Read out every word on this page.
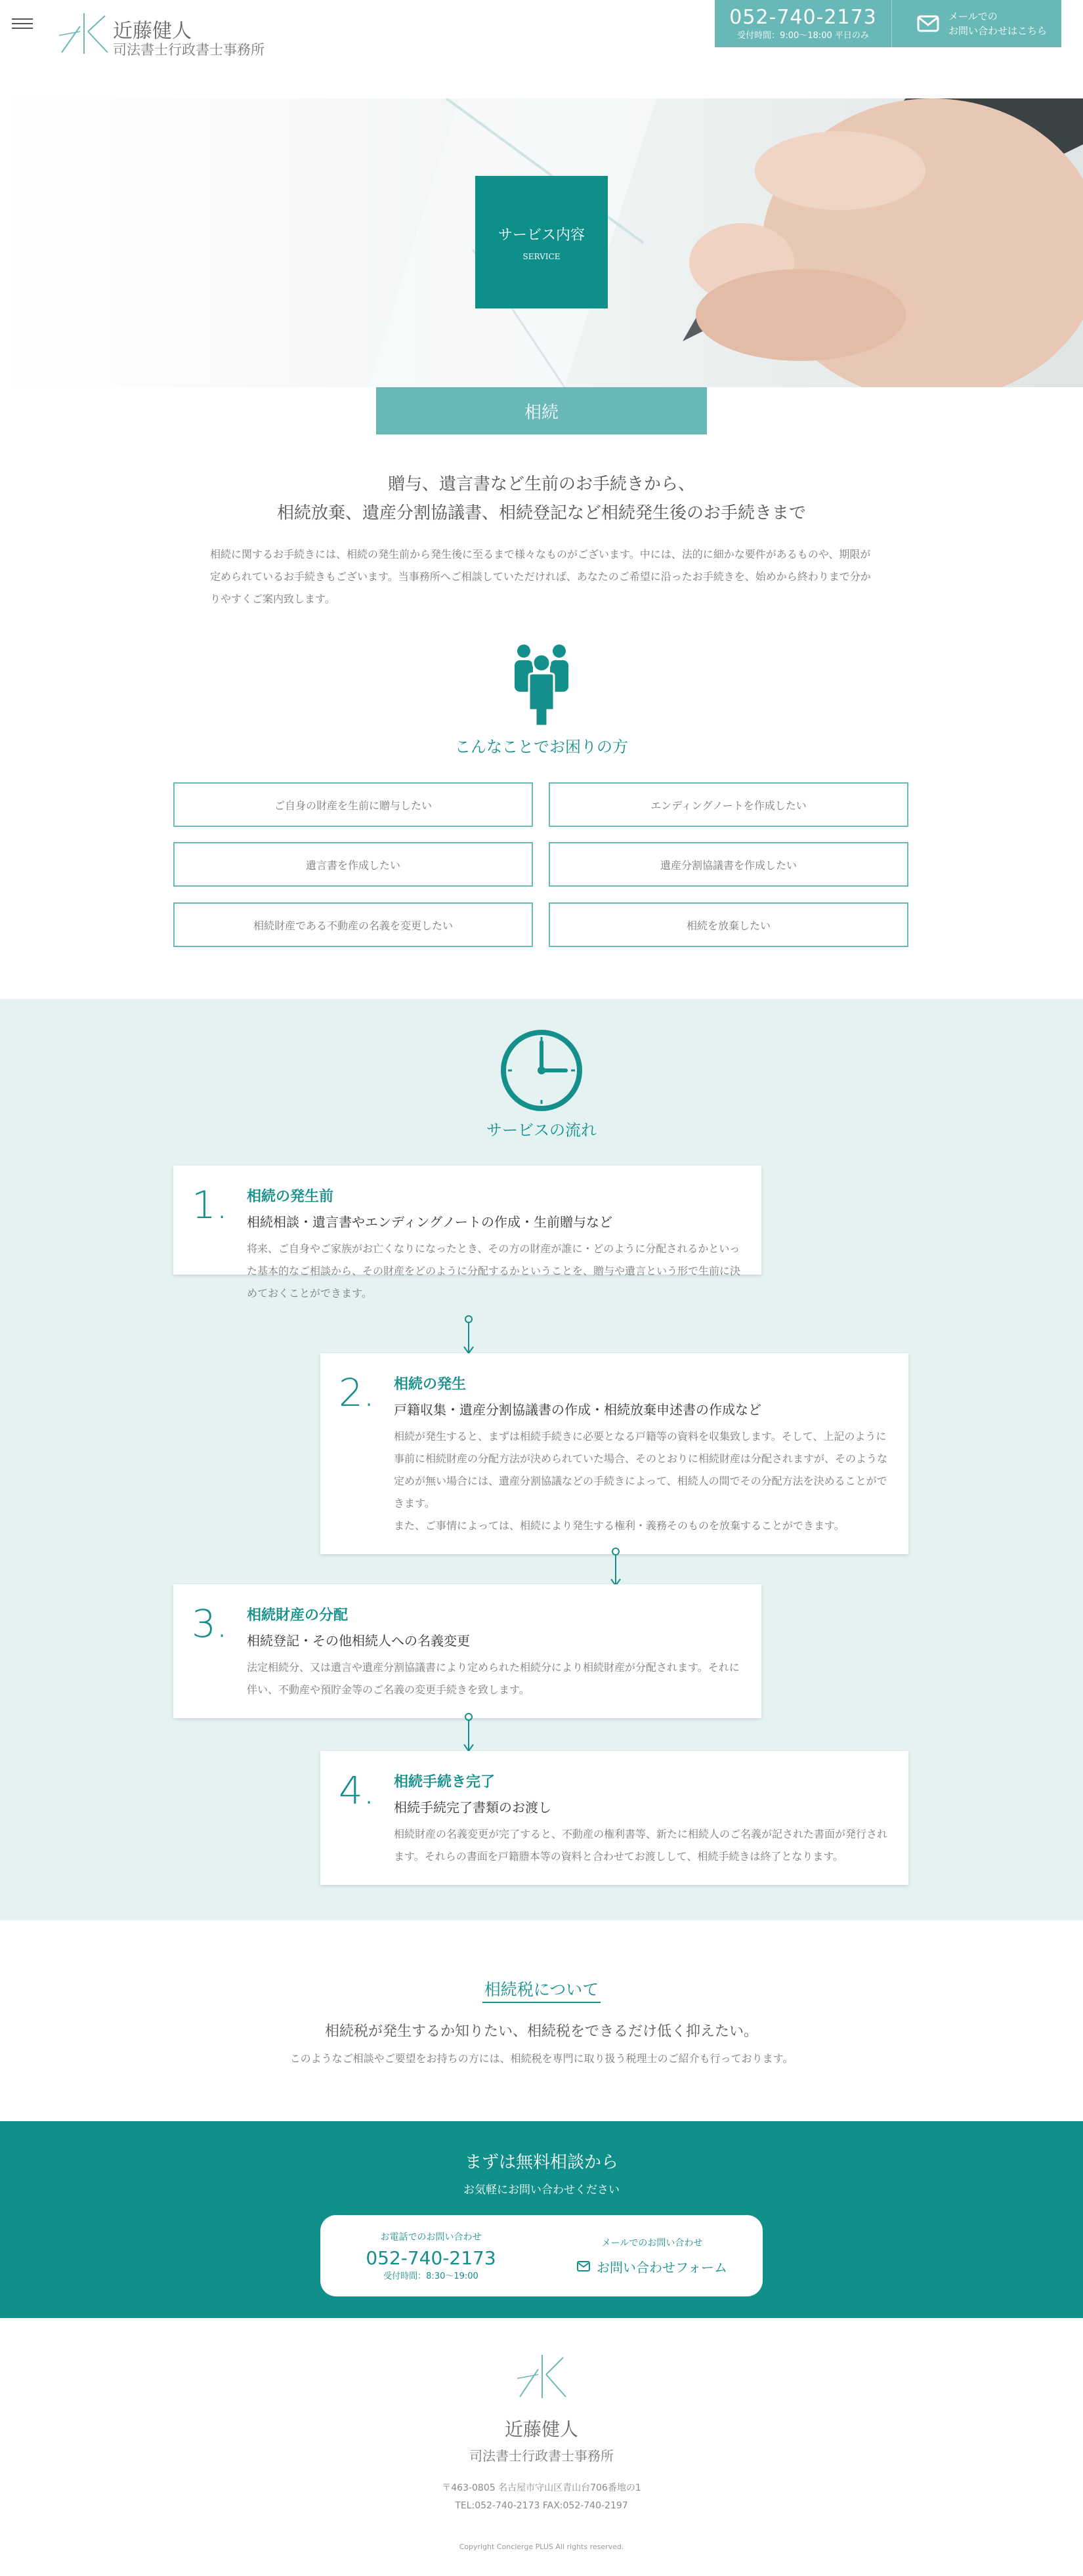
近藤健人
司法書士行政書士事務所
052-740-2173
受付時間：9:00～18:00 平日のみ
メールでの
お問い合わせはこちら
サービス内容
SERVICE
相続
贈与、遺言書など生前のお手続きから、
相続放棄、遺産分割協議書、相続登記など相続発生後のお手続きまで
相続に関するお手続きには、相続の発生前から発生後に至るまで様々なものがございます。中には、法的に細かな要件があるものや、期限が定められているお手続きもございます。当事務所へご相談していただければ、あなたのご希望に沿ったお手続きを、始めから終わりまで分かりやすくご案内致します。
こんなことでお困りの方
ご自身の財産を生前に贈与したい	エンディングノートを作成したい
遺言書を作成したい	遺産分割協議書を作成したい
相続財産である不動産の名義を変更したい	相続を放棄したい
サービスの流れ
1. 相続の発生前
相続相談・遺言書やエンディングノートの作成・生前贈与など
将来、ご自身やご家族がお亡くなりになったとき、その方の財産が誰に・どのように分配されるかといった基本的なご相談から、その財産をどのように分配するかということを、贈与や遺言という形で生前に決めておくことができます。
2. 相続の発生
戸籍収集・遺産分割協議書の作成・相続放棄申述書の作成など
相続が発生すると、まずは相続手続きに必要となる戸籍等の資料を収集致します。そして、上記のように事前に相続財産の分配方法が決められていた場合、そのとおりに相続財産は分配されますが、そのような定めが無い場合には、遺産分割協議などの手続きによって、相続人の間でその分配方法を決めることができます。
また、ご事情によっては、相続により発生する権利・義務そのものを放棄することができます。
3. 相続財産の分配
相続登記・その他相続人への名義変更
法定相続分、又は遺言や遺産分割協議書により定められた相続分により相続財産が分配されます。それに伴い、不動産や預貯金等のご名義の変更手続きを致します。
4. 相続手続き完了
相続手続完了書類のお渡し
相続財産の名義変更が完了すると、不動産の権利書等、新たに相続人のご名義が記された書面が発行されます。それらの書面を戸籍謄本等の資料と合わせてお渡しして、相続手続きは終了となります。
相続税について
相続税が発生するか知りたい、相続税をできるだけ低く抑えたい。
このようなご相談やご要望をお持ちの方には、相続税を専門に取り扱う税理士のご紹介も行っております。
まずは無料相談から
お気軽にお問い合わせください
お電話でのお問い合わせ
052-740-2173
受付時間：8:30～19:00
メールでのお問い合わせ
お問い合わせフォーム
近藤健人
司法書士行政書士事務所
〒463-0805 名古屋市守山区青山台706番地の1
TEL:052-740-2173 FAX:052-740-2197
Copyright Concierge PLUS All rights reserved.
